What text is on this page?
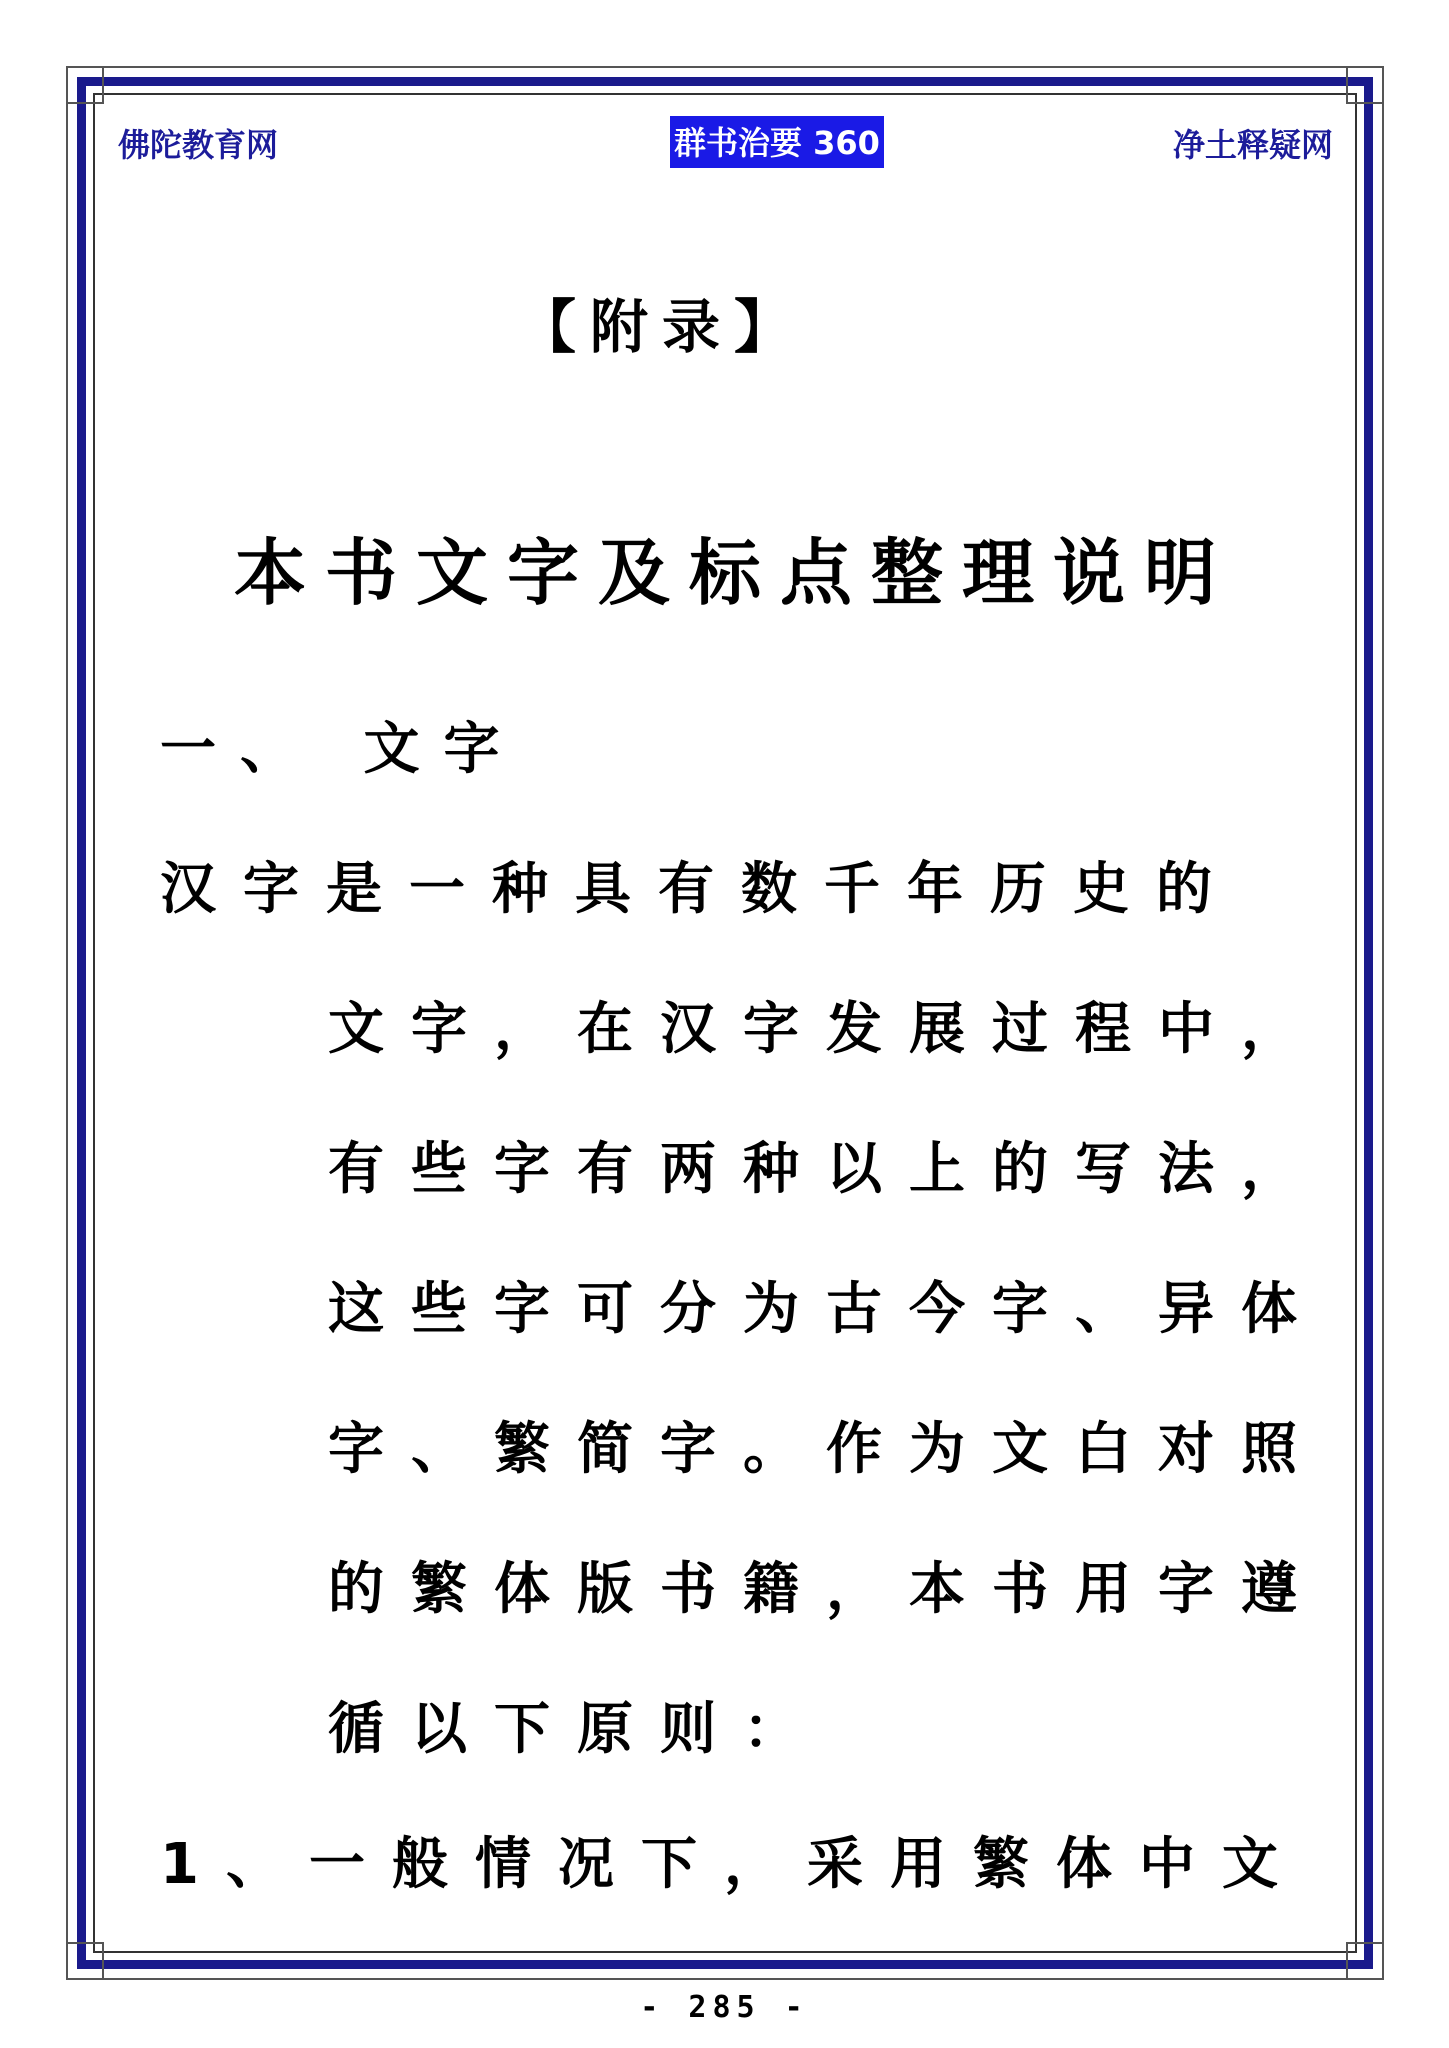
佛陀教育网	群书治要 360	净土释疑网
【附录】
本书文字及标点整理说明
一、 文字
汉字是一种具有数千年历史的
文字，在汉字发展过程中，
有些字有两种以上的写法，
这些字可分为古今字、异体
字、繁简字。作为文白对照
的繁体版书籍，本书用字遵
循以下原则：
1、一般情况下，采用繁体中文
- 285 -
